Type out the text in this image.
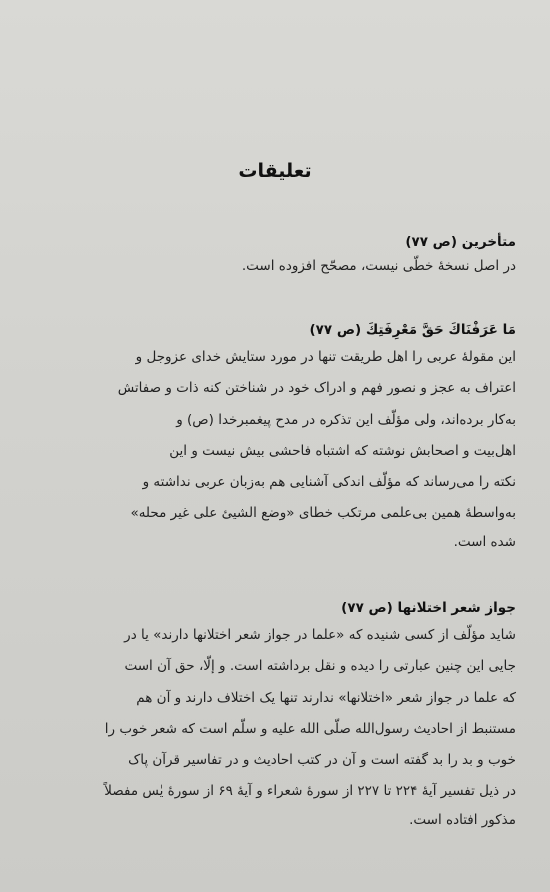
تعليقات
متأخرين (ص ۷۷)
در اصل نسخهٔ خطّی نیست، مصحّح افزوده است.
مَا عَرَفْنَاكَ حَقَّ مَعْرِفَتِكَ (ص ۷۷)
این مقولهٔ عربی را اهل طریقت تنها در مورد ستایش خدای عزوجل و
اعتراف به عجز و نصور فهم و ادراک خود در شناختن کنه ذات و صفاتش
به‌کار برده‌اند، ولی مؤلّف این تذکره در مدح پیغمبرخدا (ص) و
اهل‌بیت و اصحابش نوشته که اشتباه فاحشی بیش نیست و این
نکته را می‌رساند که مؤلّف اندکی آشنایی هم به‌زبان عربی نداشته و
به‌واسطهٔ همین بی‌علمی مرتکب خطای «وضع الشیئ علی غیر محله»
شده است.
جواز شعر اختلانها (ص ۷۷)
شاید مؤلّف از کسی شنیده که «علما در جواز شعر اختلانها دارند» یا در
جایی این چنین عبارتی را دیده و نقل برداشته است. و إلّا، حق آن است
که علما در جواز شعر «اختلانها» ندارند تنها یک اختلاف دارند و آن هم
مستنبط از احادیث رسول‌الله صلّی الله علیه و سلّم است که شعر خوب را
خوب و بد را بد گفته است و آن در کتب احادیث و در تفاسیر قرآن پاک
در ذیل تفسیر آیهٔ ۲۲۴ تا ۲۲۷ از سورهٔ شعراء و آیهٔ ۶۹ از سورهٔ یٰس مفصلاً
مذکور افتاده است.
